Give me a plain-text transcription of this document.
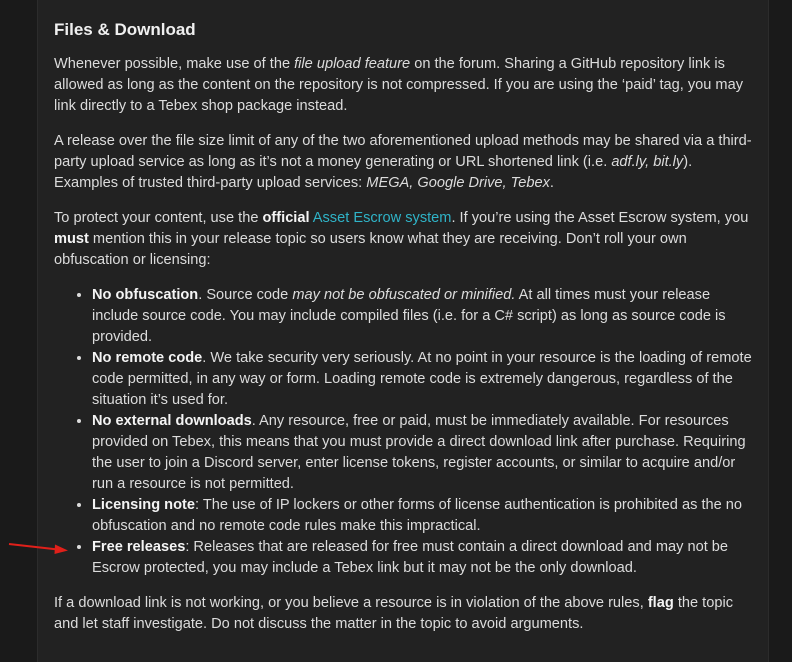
Files & Download

Whenever possible, make use of the file upload feature on the forum. Sharing a GitHub repository link is allowed as long as the content on the repository is not compressed. If you are using the ‘paid’ tag, you may link directly to a Tebex shop package instead.

A release over the file size limit of any of the two aforementioned upload methods may be shared via a third-party upload service as long as it’s not a money generating or URL shortened link (i.e. adf.ly, bit.ly). Examples of trusted third-party upload services: MEGA, Google Drive, Tebex.

To protect your content, use the official Asset Escrow system. If you’re using the Asset Escrow system, you must mention this in your release topic so users know what they are receiving. Don’t roll your own obfuscation or licensing:

• No obfuscation. Source code may not be obfuscated or minified. At all times must your release include source code. You may include compiled files (i.e. for a C# script) as long as source code is provided.
• No remote code. We take security very seriously. At no point in your resource is the loading of remote code permitted, in any way or form. Loading remote code is extremely dangerous, regardless of the situation it’s used for.
• No external downloads. Any resource, free or paid, must be immediately available. For resources provided on Tebex, this means that you must provide a direct download link after purchase. Requiring the user to join a Discord server, enter license tokens, register accounts, or similar to acquire and/or run a resource is not permitted.
• Licensing note: The use of IP lockers or other forms of license authentication is prohibited as the no obfuscation and no remote code rules make this impractical.
• Free releases: Releases that are released for free must contain a direct download and may not be Escrow protected, you may include a Tebex link but it may not be the only download.

If a download link is not working, or you believe a resource is in violation of the above rules, flag the topic and let staff investigate. Do not discuss the matter in the topic to avoid arguments.
